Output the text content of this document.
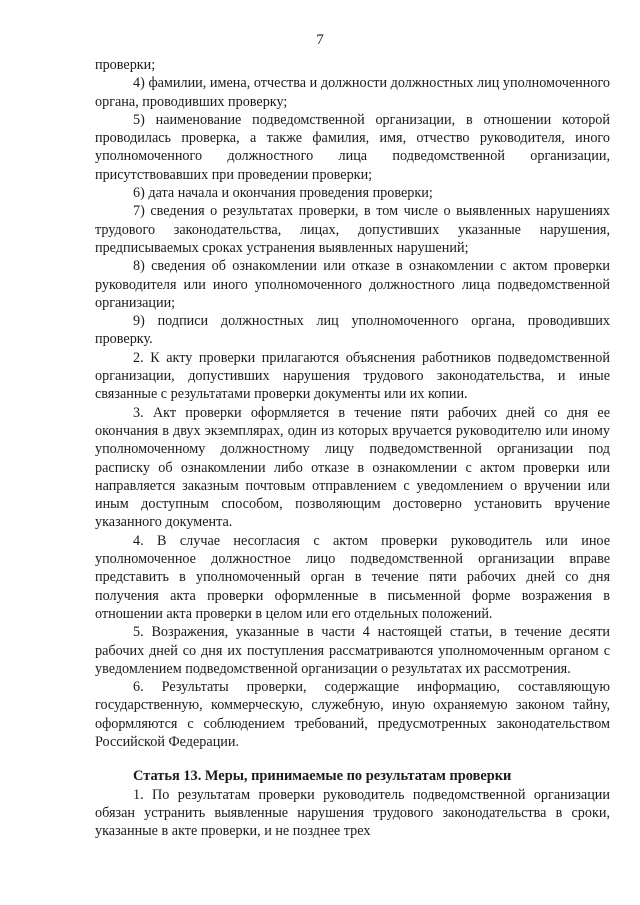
7

проверки;

4) фамилии, имена, отчества и должности должностных лиц уполномоченного органа, проводивших проверку;

5) наименование подведомственной организации, в отношении которой проводилась проверка, а также фамилия, имя, отчество руководителя, иного уполномоченного должностного лица подведомственной организации, присутствовавших при проведении проверки;

6) дата начала и окончания проведения проверки;

7) сведения о результатах проверки, в том числе о выявленных нарушениях трудового законодательства, лицах, допустивших указанные нарушения, предписываемых сроках устранения выявленных нарушений;

8) сведения об ознакомлении или отказе в ознакомлении с актом проверки руководителя или иного уполномоченного должностного лица подведомственной организации;

9) подписи должностных лиц уполномоченного органа, проводивших проверку.

2. К акту проверки прилагаются объяснения работников подведомственной организации, допустивших нарушения трудового законодательства, и иные связанные с результатами проверки документы или их копии.

3. Акт проверки оформляется в течение пяти рабочих дней со дня ее окончания в двух экземплярах, один из которых вручается руководителю или иному уполномоченному должностному лицу подведомственной организации под расписку об ознакомлении либо отказе в ознакомлении с актом проверки или направляется заказным почтовым отправлением с уведомлением о вручении или иным доступным способом, позволяющим достоверно установить вручение указанного документа.

4. В случае несогласия с актом проверки руководитель или иное уполномоченное должностное лицо подведомственной организации вправе представить в уполномоченный орган в течение пяти рабочих дней со дня получения акта проверки оформленные в письменной форме возражения в отношении акта проверки в целом или его отдельных положений.

5. Возражения, указанные в части 4 настоящей статьи, в течение десяти рабочих дней со дня их поступления рассматриваются уполномоченным органом с уведомлением подведомственной организации о результатах их рассмотрения.

6. Результаты проверки, содержащие информацию, составляющую государственную, коммерческую, служебную, иную охраняемую законом тайну, оформляются с соблюдением требований, предусмотренных законодательством Российской Федерации.

Статья 13. Меры, принимаемые по результатам проверки

1. По результатам проверки руководитель подведомственной организации обязан устранить выявленные нарушения трудового законодательства в сроки, указанные в акте проверки, и не позднее трех
